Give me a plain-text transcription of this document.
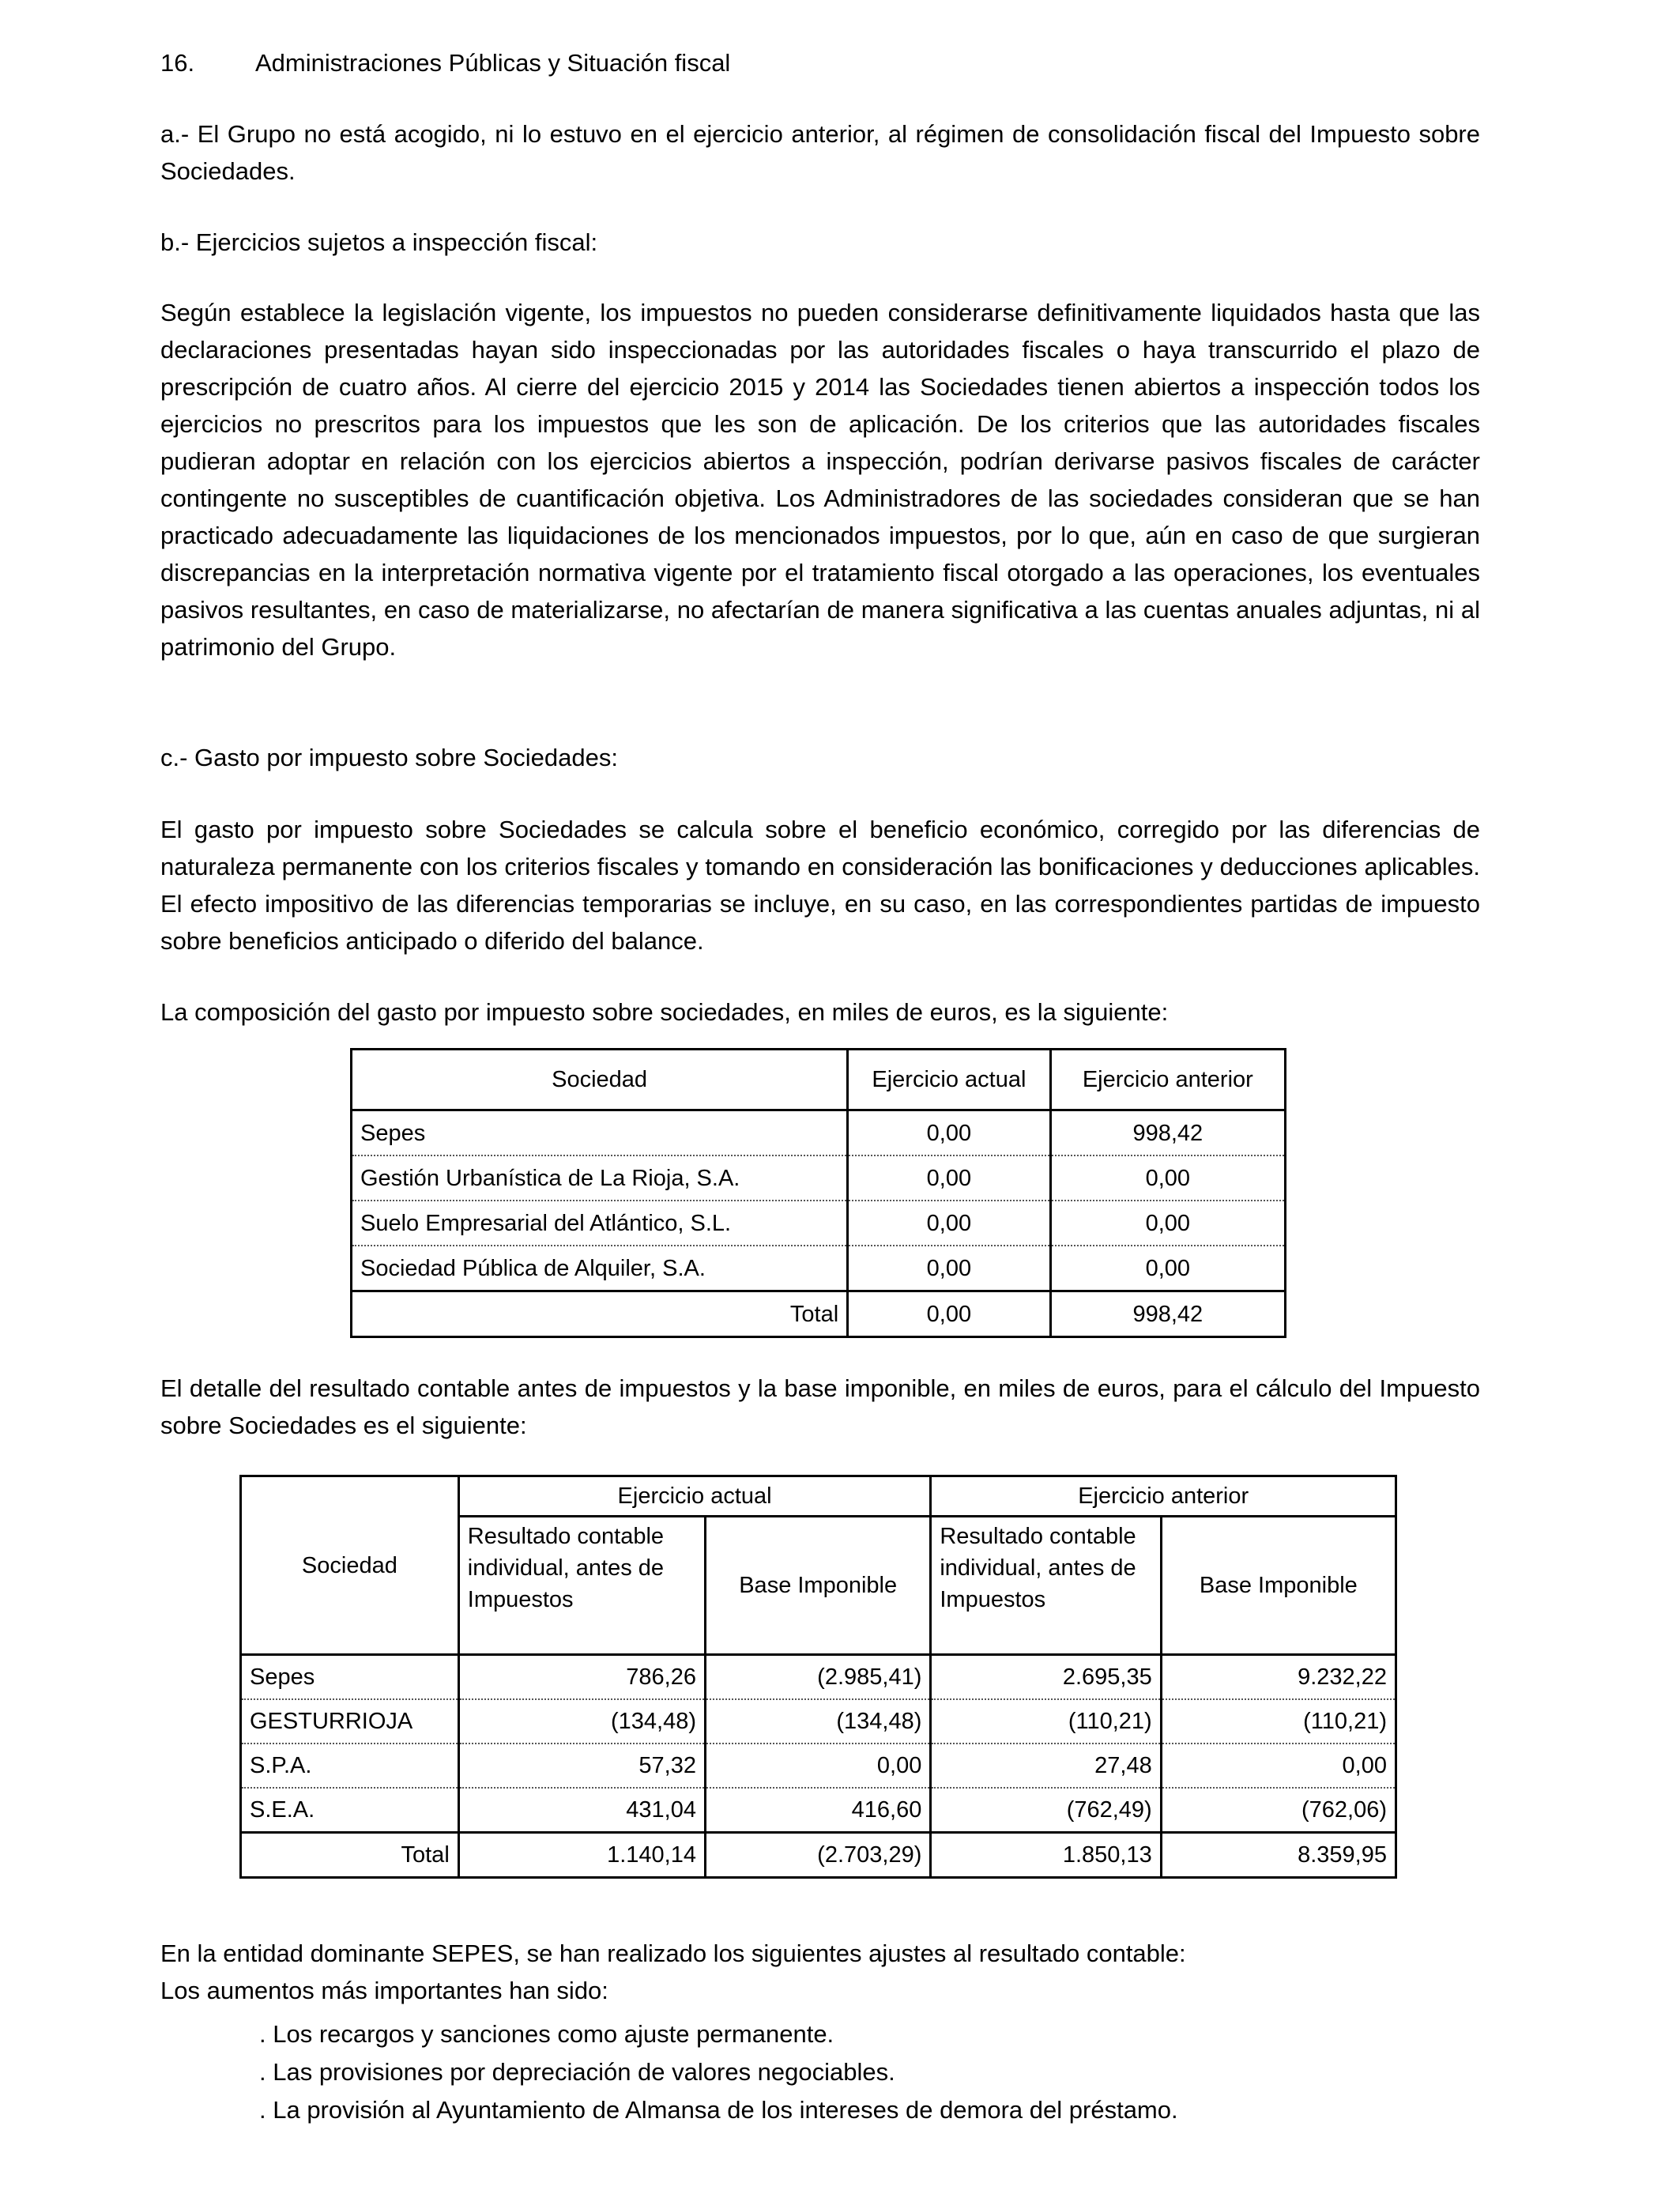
16. Administraciones Públicas y Situación fiscal

a.- El Grupo no está acogido, ni lo estuvo en el ejercicio anterior, al régimen de consolidación fiscal del Impuesto sobre Sociedades.

b.- Ejercicios sujetos a inspección fiscal:

Según establece la legislación vigente, los impuestos no pueden considerarse definitivamente liquidados hasta que las declaraciones presentadas hayan sido inspeccionadas por las autoridades fiscales o haya transcurrido el plazo de prescripción de cuatro años. Al cierre del ejercicio 2015 y 2014 las Sociedades tienen abiertos a inspección todos los ejercicios no prescritos para los impuestos que les son de aplicación. De los criterios que las autoridades fiscales pudieran adoptar en relación con los ejercicios abiertos a inspección, podrían derivarse pasivos fiscales de carácter contingente no susceptibles de cuantificación objetiva. Los Administradores de las sociedades consideran que se han practicado adecuadamente las liquidaciones de los mencionados impuestos, por lo que, aún en caso de que surgieran discrepancias en la interpretación normativa vigente por el tratamiento fiscal otorgado a las operaciones, los eventuales pasivos resultantes, en caso de materializarse, no afectarían de manera significativa a las cuentas anuales adjuntas, ni al patrimonio del Grupo.

c.- Gasto por impuesto sobre Sociedades:

El gasto por impuesto sobre Sociedades se calcula sobre el beneficio económico, corregido por las diferencias de naturaleza permanente con los criterios fiscales y tomando en consideración las bonificaciones y deducciones aplicables. El efecto impositivo de las diferencias temporarias se incluye, en su caso, en las correspondientes partidas de impuesto sobre beneficios anticipado o diferido del balance.

La composición del gasto por impuesto sobre sociedades, en miles de euros, es la siguiente:

Sociedad	Ejercicio actual	Ejercicio anterior
Sepes	0,00	998,42
Gestión Urbanística de La Rioja, S.A.	0,00	0,00
Suelo Empresarial del Atlántico, S.L.	0,00	0,00
Sociedad Pública de Alquiler, S.A.	0,00	0,00
Total	0,00	998,42

El detalle del resultado contable antes de impuestos y la base imponible, en miles de euros, para el cálculo del Impuesto sobre Sociedades es el siguiente:

Sociedad	Ejercicio actual		Ejercicio anterior	
	Resultado contable individual, antes de Impuestos	Base Imponible	Resultado contable individual, antes de Impuestos	Base Imponible
Sepes	786,26	(2.985,41)	2.695,35	9.232,22
GESTURRIOJA	(134,48)	(134,48)	(110,21)	(110,21)
S.P.A.	57,32	0,00	27,48	0,00
S.E.A.	431,04	416,60	(762,49)	(762,06)
Total	1.140,14	(2.703,29)	1.850,13	8.359,95

En la entidad dominante SEPES, se han realizado los siguientes ajustes al resultado contable:

Los aumentos más importantes han sido:

. Los recargos y sanciones como ajuste permanente.

. Las provisiones por depreciación de valores negociables.

. La provisión al Ayuntamiento de Almansa de los intereses de demora del préstamo.
